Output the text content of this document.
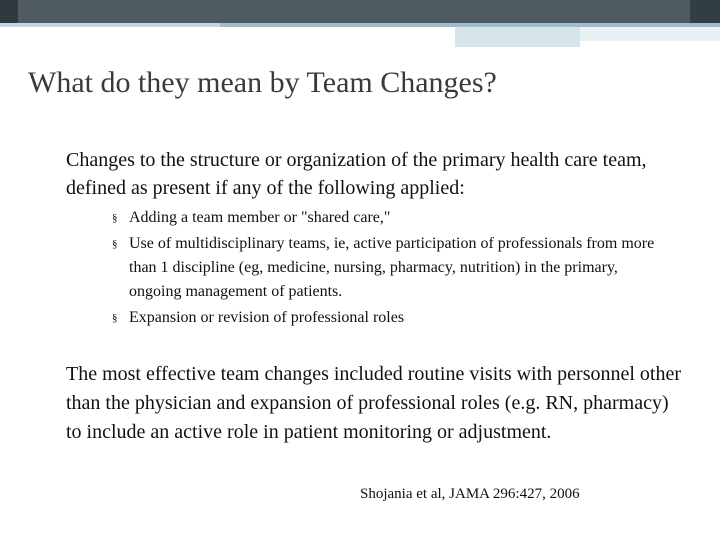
What do they mean by Team Changes?

Changes to the structure or organization of the primary health care team, defined as present if any of the following applied:

§ Adding a team member or "shared care,"
§ Use of multidisciplinary teams, ie, active participation of professionals from more than 1 discipline (eg, medicine, nursing, pharmacy, nutrition) in the primary, ongoing management of patients.
§ Expansion or revision of professional roles

The most effective team changes included routine visits with personnel other than the physician and expansion of professional roles (e.g. RN, pharmacy) to include an active role in patient monitoring or adjustment.

Shojania et al, JAMA 296:427, 2006
